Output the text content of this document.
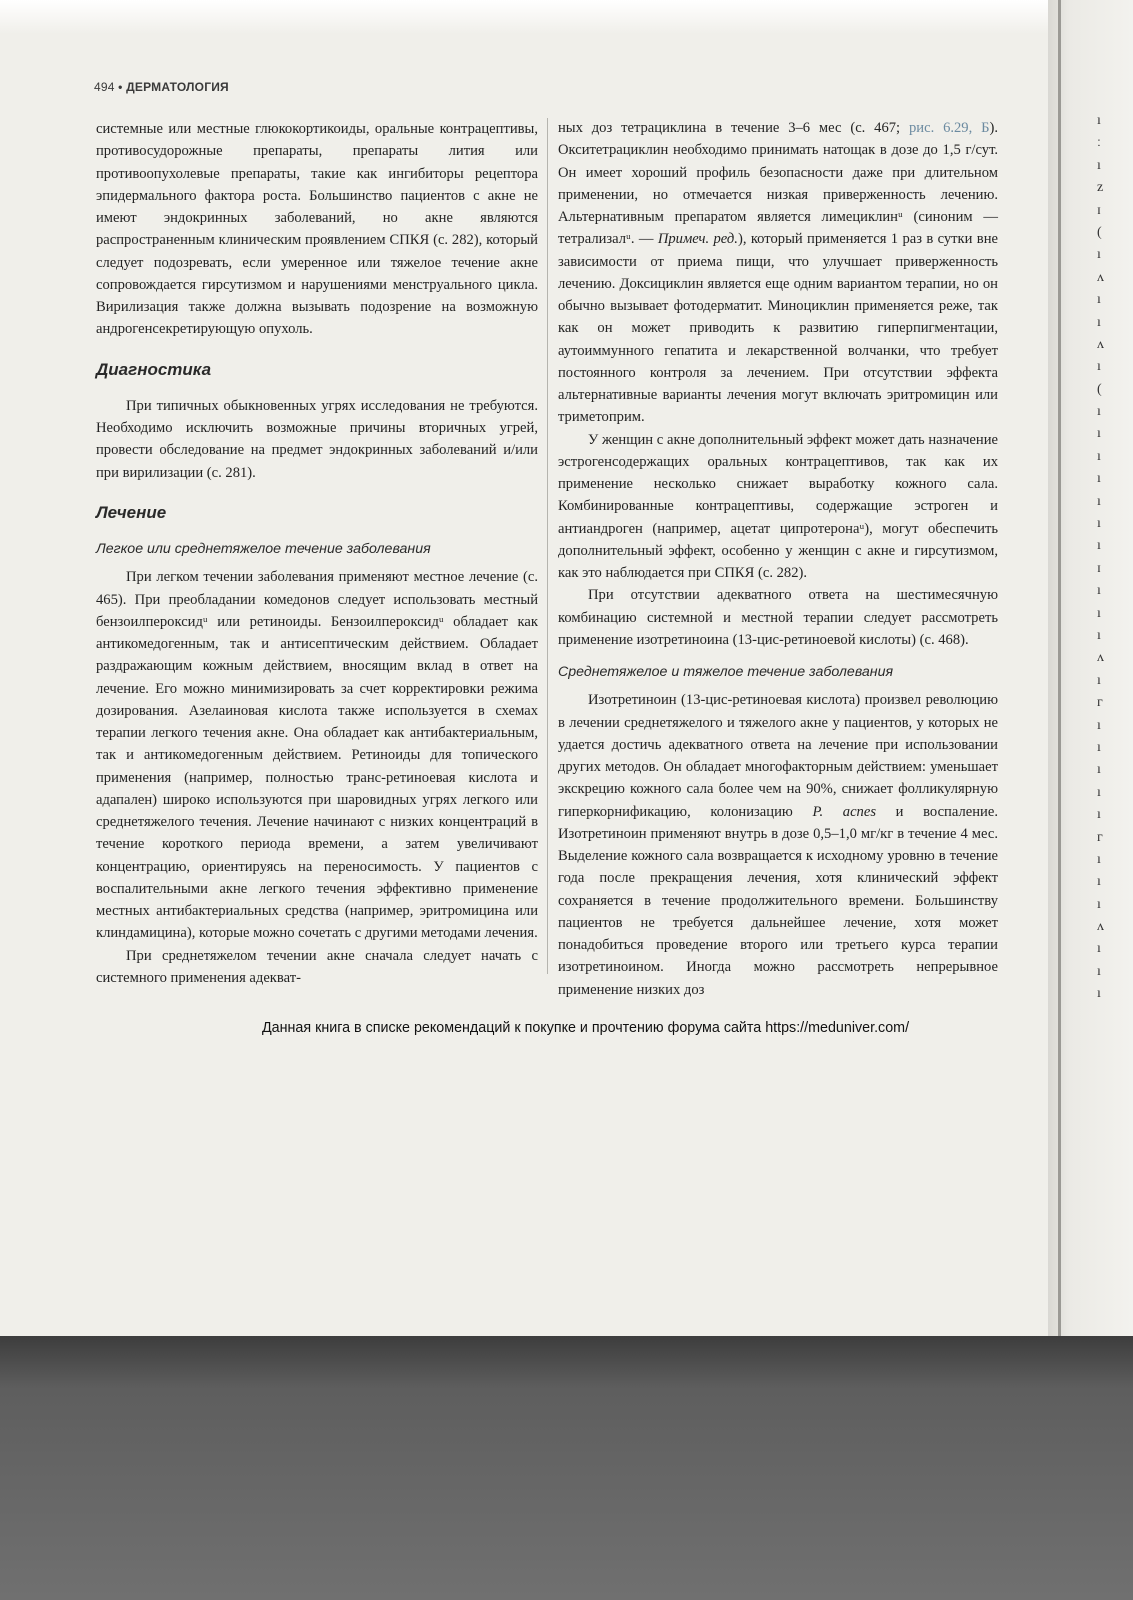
494 • ДЕРМАТОЛОГИЯ

системные или местные глюкокортикоиды, оральные контрацептивы, противосудорожные препараты, препараты лития или противоопухолевые препараты, такие как ингибиторы рецептора эпидермального фактора роста. Большинство пациентов с акне не имеют эндокринных заболеваний, но акне являются распространенным клиническим проявлением СПКЯ (с. 282), который следует подозревать, если умеренное или тяжелое течение акне сопровождается гирсутизмом и нарушениями менструального цикла. Вирилизация также должна вызывать подозрение на возможную андрогенсекретирующую опухоль.

Диагностика

При типичных обыкновенных угрях исследования не требуются. Необходимо исключить возможные причины вторичных угрей, провести обследование на предмет эндокринных заболеваний и/или при вирилизации (с. 281).

Лечение
Легкое или среднетяжелое течение заболевания

При легком течении заболевания применяют местное лечение (с. 465). При преобладании комедонов следует использовать местный бензоилпероксидᵘ или ретиноиды. Бензоилпероксидᵘ обладает как антикомедогенным, так и антисептическим действием. Обладает раздражающим кожным действием, вносящим вклад в ответ на лечение. Его можно минимизировать за счет корректировки режима дозирования. Азелаиновая кислота также используется в схемах терапии легкого течения акне. Она обладает как антибактериальным, так и антикомедогенным действием. Ретиноиды для топического применения (например, полностью транс-ретиноевая кислота и адапален) широко используются при шаровидных угрях легкого или среднетяжелого течения. Лечение начинают с низких концентраций в течение короткого периода времени, а затем увеличивают концентрацию, ориентируясь на переносимость. У пациентов с воспалительными акне легкого течения эффективно применение местных антибактериальных средства (например, эритромицина или клиндамицина), которые можно сочетать с другими методами лечения.

При среднетяжелом течении акне сначала следует начать с системного применения адекват-

ных доз тетрациклина в течение 3–6 мес (с. 467; рис. 6.29, Б). Окситетрациклин необходимо принимать натощак в дозе до 1,5 г/сут. Он имеет хороший профиль безопасности даже при длительном применении, но отмечается низкая приверженность лечению. Альтернативным препаратом является лимециклинᵘ (синоним — тетрализалᵘ. — Примеч. ред.), который применяется 1 раз в сутки вне зависимости от приема пищи, что улучшает приверженность лечению. Доксициклин является еще одним вариантом терапии, но он обычно вызывает фотодерматит. Миноциклин применяется реже, так как он может приводить к развитию гиперпигментации, аутоиммунного гепатита и лекарственной волчанки, что требует постоянного контроля за лечением. При отсутствии эффекта альтернативные варианты лечения могут включать эритромицин или триметоприм.

У женщин с акне дополнительный эффект может дать назначение эстрогенсодержащих оральных контрацептивов, так как их применение несколько снижает выработку кожного сала. Комбинированные контрацептивы, содержащие эстроген и антиандроген (например, ацетат ципротеронаᵘ), могут обеспечить дополнительный эффект, особенно у женщин с акне и гирсутизмом, как это наблюдается при СПКЯ (с. 282).

При отсутствии адекватного ответа на шестимесячную комбинацию системной и местной терапии следует рассмотреть применение изотретиноина (13-цис-ретиноевой кислоты) (с. 468).

Среднетяжелое и тяжелое течение заболевания

Изотретиноин (13-цис-ретиноевая кислота) произвел революцию в лечении среднетяжелого и тяжелого акне у пациентов, у которых не удается достичь адекватного ответа на лечение при использовании других методов. Он обладает многофакторным действием: уменьшает экскрецию кожного сала более чем на 90%, снижает фолликулярную гиперкорнификацию, колонизацию P. acnes и воспаление. Изотретиноин применяют внутрь в дозе 0,5–1,0 мг/кг в течение 4 мес. Выделение кожного сала возвращается к исходному уровню в течение года после прекращения лечения, хотя клинический эффект сохраняется в течение продолжительного времени. Большинству пациентов не требуется дальнейшее лечение, хотя может понадобиться проведение второго или третьего курса терапии изотретиноином. Иногда можно рассмотреть непрерывное применение низких доз

Данная книга в списке рекомендаций к покупке и прочтению форума сайта https://meduniver.com/
ı
ː
ı
z
ɪ
(
ı
ʌ
ı
ı
ʌ
ı
(
ı
ı
ı
ı
ı
ı
ı
ɪ
ı
ı
ı
ʌ
ı
г
ı
ı
ı
ı
ı
г
ı
ı
ı
ʌ
ı
ı
ı
